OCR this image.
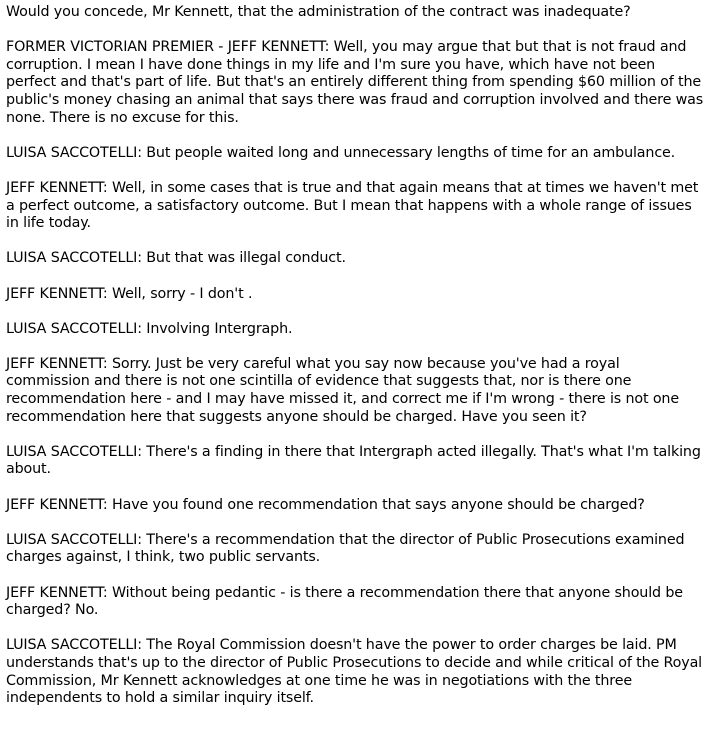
Would you concede, Mr Kennett, that the administration of the contract was inadequate?

FORMER VICTORIAN PREMIER - JEFF KENNETT: Well, you may argue that but that is not fraud and corruption. I mean I have done things in my life and I'm sure you have, which have not been perfect and that's part of life. But that's an entirely different thing from spending $60 million of the public's money chasing an animal that says there was fraud and corruption involved and there was none. There is no excuse for this.

LUISA SACCOTELLI: But people waited long and unnecessary lengths of time for an ambulance.

JEFF KENNETT: Well, in some cases that is true and that again means that at times we haven't met a perfect outcome, a satisfactory outcome. But I mean that happens with a whole range of issues in life today.

LUISA SACCOTELLI: But that was illegal conduct.

JEFF KENNETT: Well, sorry - I don't .

LUISA SACCOTELLI: Involving Intergraph.

JEFF KENNETT: Sorry. Just be very careful what you say now because you've had a royal commission and there is not one scintilla of evidence that suggests that, nor is there one recommendation here - and I may have missed it, and correct me if I'm wrong - there is not one recommendation here that suggests anyone should be charged. Have you seen it?

LUISA SACCOTELLI: There's a finding in there that Intergraph acted illegally. That's what I'm talking about.

JEFF KENNETT: Have you found one recommendation that says anyone should be charged?

LUISA SACCOTELLI: There's a recommendation that the director of Public Prosecutions examined charges against, I think, two public servants.

JEFF KENNETT: Without being pedantic - is there a recommendation there that anyone should be charged? No.

LUISA SACCOTELLI: The Royal Commission doesn't have the power to order charges be laid. PM understands that's up to the director of Public Prosecutions to decide and while critical of the Royal Commission, Mr Kennett acknowledges at one time he was in negotiations with the three independents to hold a similar inquiry itself.
